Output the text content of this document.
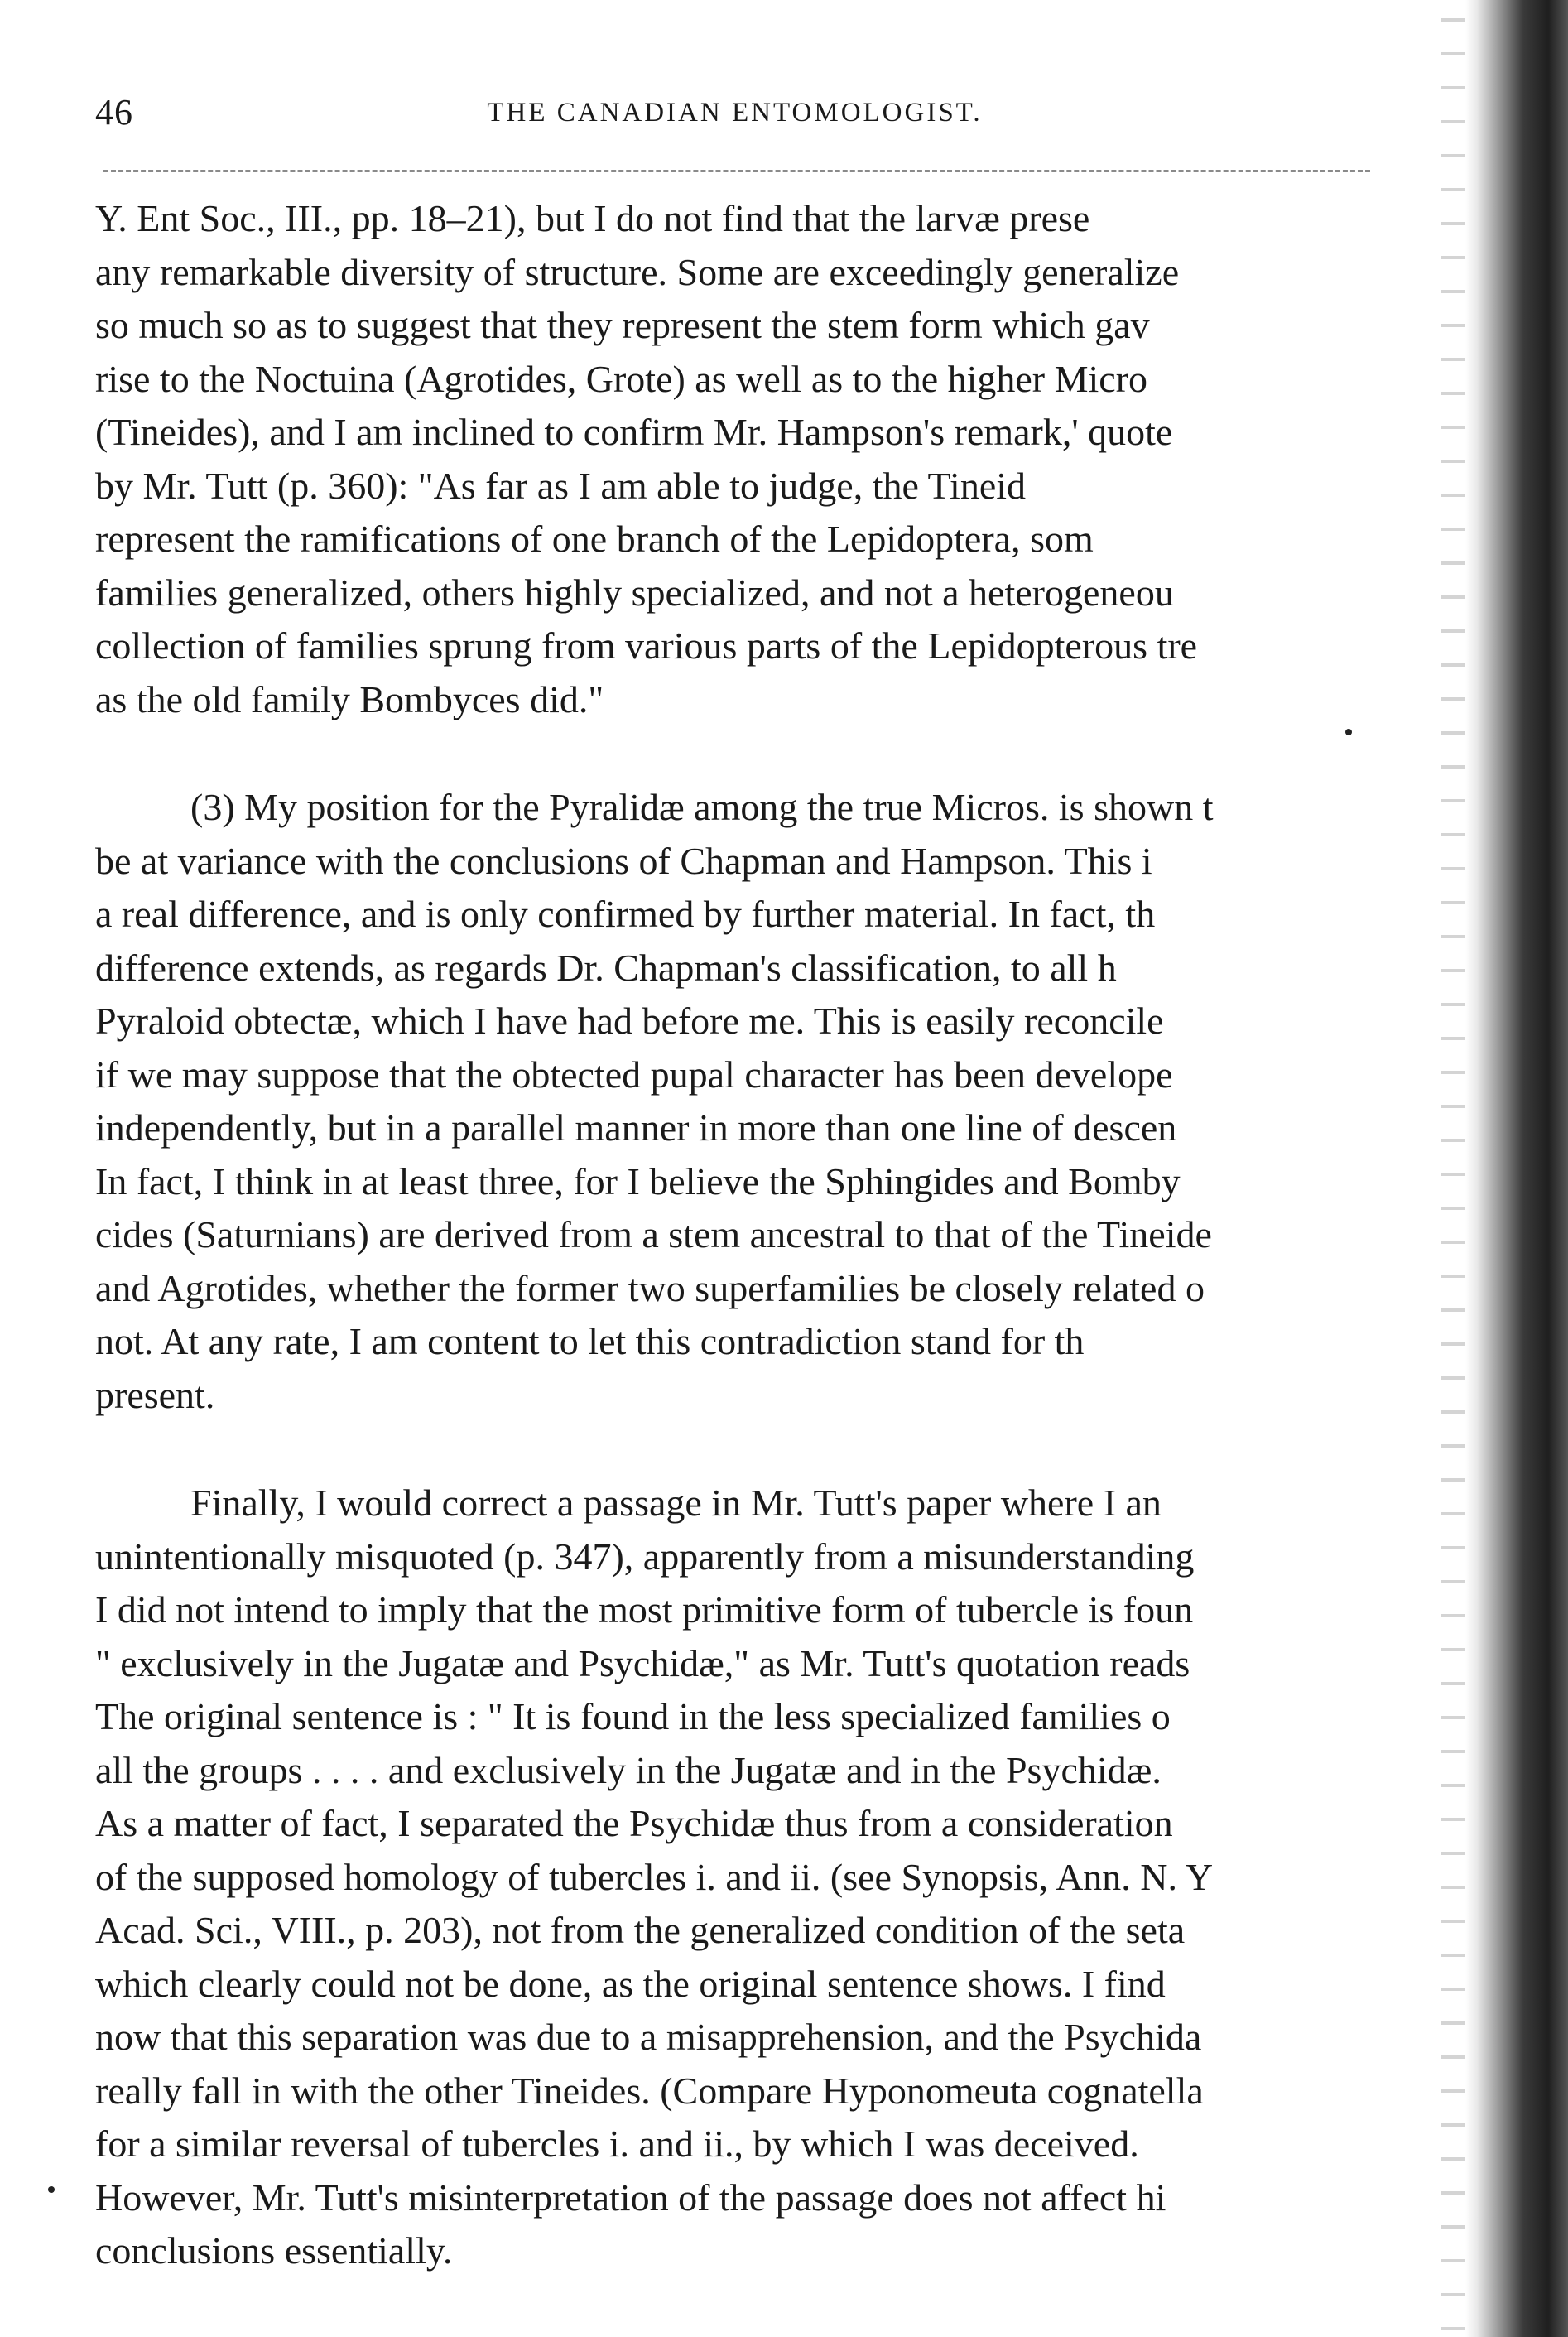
46	THE CANADIAN ENTOMOLOGIST.
Y. Ent Soc., III., pp. 18–21), but I do not find that the larvæ prese
any remarkable diversity of structure. Some are exceedingly generalize
so much so as to suggest that they represent the stem form which gav
rise to the Noctuina (Agrotides, Grote) as well as to the higher Micro
(Tineides), and I am inclined to confirm Mr. Hampson's remark,' quote
by Mr. Tutt (p. 360): "As far as I am able to judge, the Tineid
represent the ramifications of one branch of the Lepidoptera, som
families generalized, others highly specialized, and not a heterogeneou
collection of families sprung from various parts of the Lepidopterous tre
as the old family Bombyces did."
(3) My position for the Pyralidæ among the true Micros. is shown t
be at variance with the conclusions of Chapman and Hampson. This i
a real difference, and is only confirmed by further material. In fact, th
difference extends, as regards Dr. Chapman's classification, to all h
Pyraloid obtectæ, which I have had before me. This is easily reconcile
if we may suppose that the obtected pupal character has been develope
independently, but in a parallel manner in more than one line of descen
In fact, I think in at least three, for I believe the Sphingides and Bomby
cides (Saturnians) are derived from a stem ancestral to that of the Tineide
and Agrotides, whether the former two superfamilies be closely related o
not. At any rate, I am content to let this contradiction stand for th
present.
Finally, I would correct a passage in Mr. Tutt's paper where I an
unintentionally misquoted (p. 347), apparently from a misunderstanding
I did not intend to imply that the most primitive form of tubercle is foun
" exclusively in the Jugatæ and Psychidæ," as Mr. Tutt's quotation reads
The original sentence is : " It is found in the less specialized families o
all the groups . . . . and exclusively in the Jugatæ and in the Psychidæ.
As a matter of fact, I separated the Psychidæ thus from a consideration
of the supposed homology of tubercles i. and ii. (see Synopsis, Ann. N. Y
Acad. Sci., VIII., p. 203), not from the generalized condition of the seta
which clearly could not be done, as the original sentence shows. I find
now that this separation was due to a misapprehension, and the Psychida
really fall in with the other Tineides. (Compare Hyponomeuta cognatella
for a similar reversal of tubercles i. and ii., by which I was deceived.
However, Mr. Tutt's misinterpretation of the passage does not affect hi
conclusions essentially.
